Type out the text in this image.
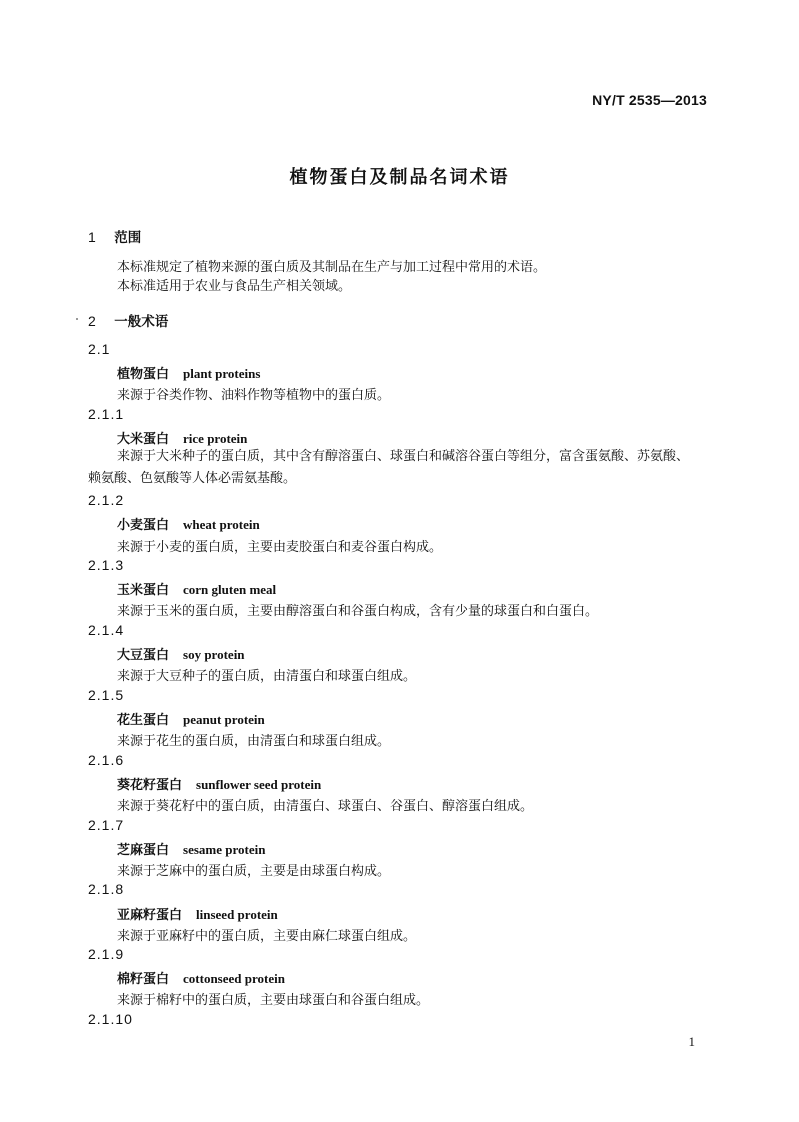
NY/T 2535—2013
植物蛋白及制品名词术语
1 范围
本标准规定了植物来源的蛋白质及其制品在生产与加工过程中常用的术语。
本标准适用于农业与食品生产相关领域。
2 一般术语
2.1
植物蛋白 plant proteins
来源于谷类作物、油料作物等植物中的蛋白质。
2.1.1
大米蛋白 rice protein
来源于大米种子的蛋白质，其中含有醇溶蛋白、球蛋白和碱溶谷蛋白等组分，富含蛋氨酸、苏氨酸、赖氨酸、色氨酸等人体必需氨基酸。
2.1.2
小麦蛋白 wheat protein
来源于小麦的蛋白质，主要由麦胶蛋白和麦谷蛋白构成。
2.1.3
玉米蛋白 corn gluten meal
来源于玉米的蛋白质，主要由醇溶蛋白和谷蛋白构成，含有少量的球蛋白和白蛋白。
2.1.4
大豆蛋白 soy protein
来源于大豆种子的蛋白质，由清蛋白和球蛋白组成。
2.1.5
花生蛋白 peanut protein
来源于花生的蛋白质，由清蛋白和球蛋白组成。
2.1.6
葵花籽蛋白 sunflower seed protein
来源于葵花籽中的蛋白质，由清蛋白、球蛋白、谷蛋白、醇溶蛋白组成。
2.1.7
芝麻蛋白 sesame protein
来源于芝麻中的蛋白质，主要是由球蛋白构成。
2.1.8
亚麻籽蛋白 linseed protein
来源于亚麻籽中的蛋白质，主要由麻仁球蛋白组成。
2.1.9
棉籽蛋白 cottonseed protein
来源于棉籽中的蛋白质，主要由球蛋白和谷蛋白组成。
2.1.10
1
